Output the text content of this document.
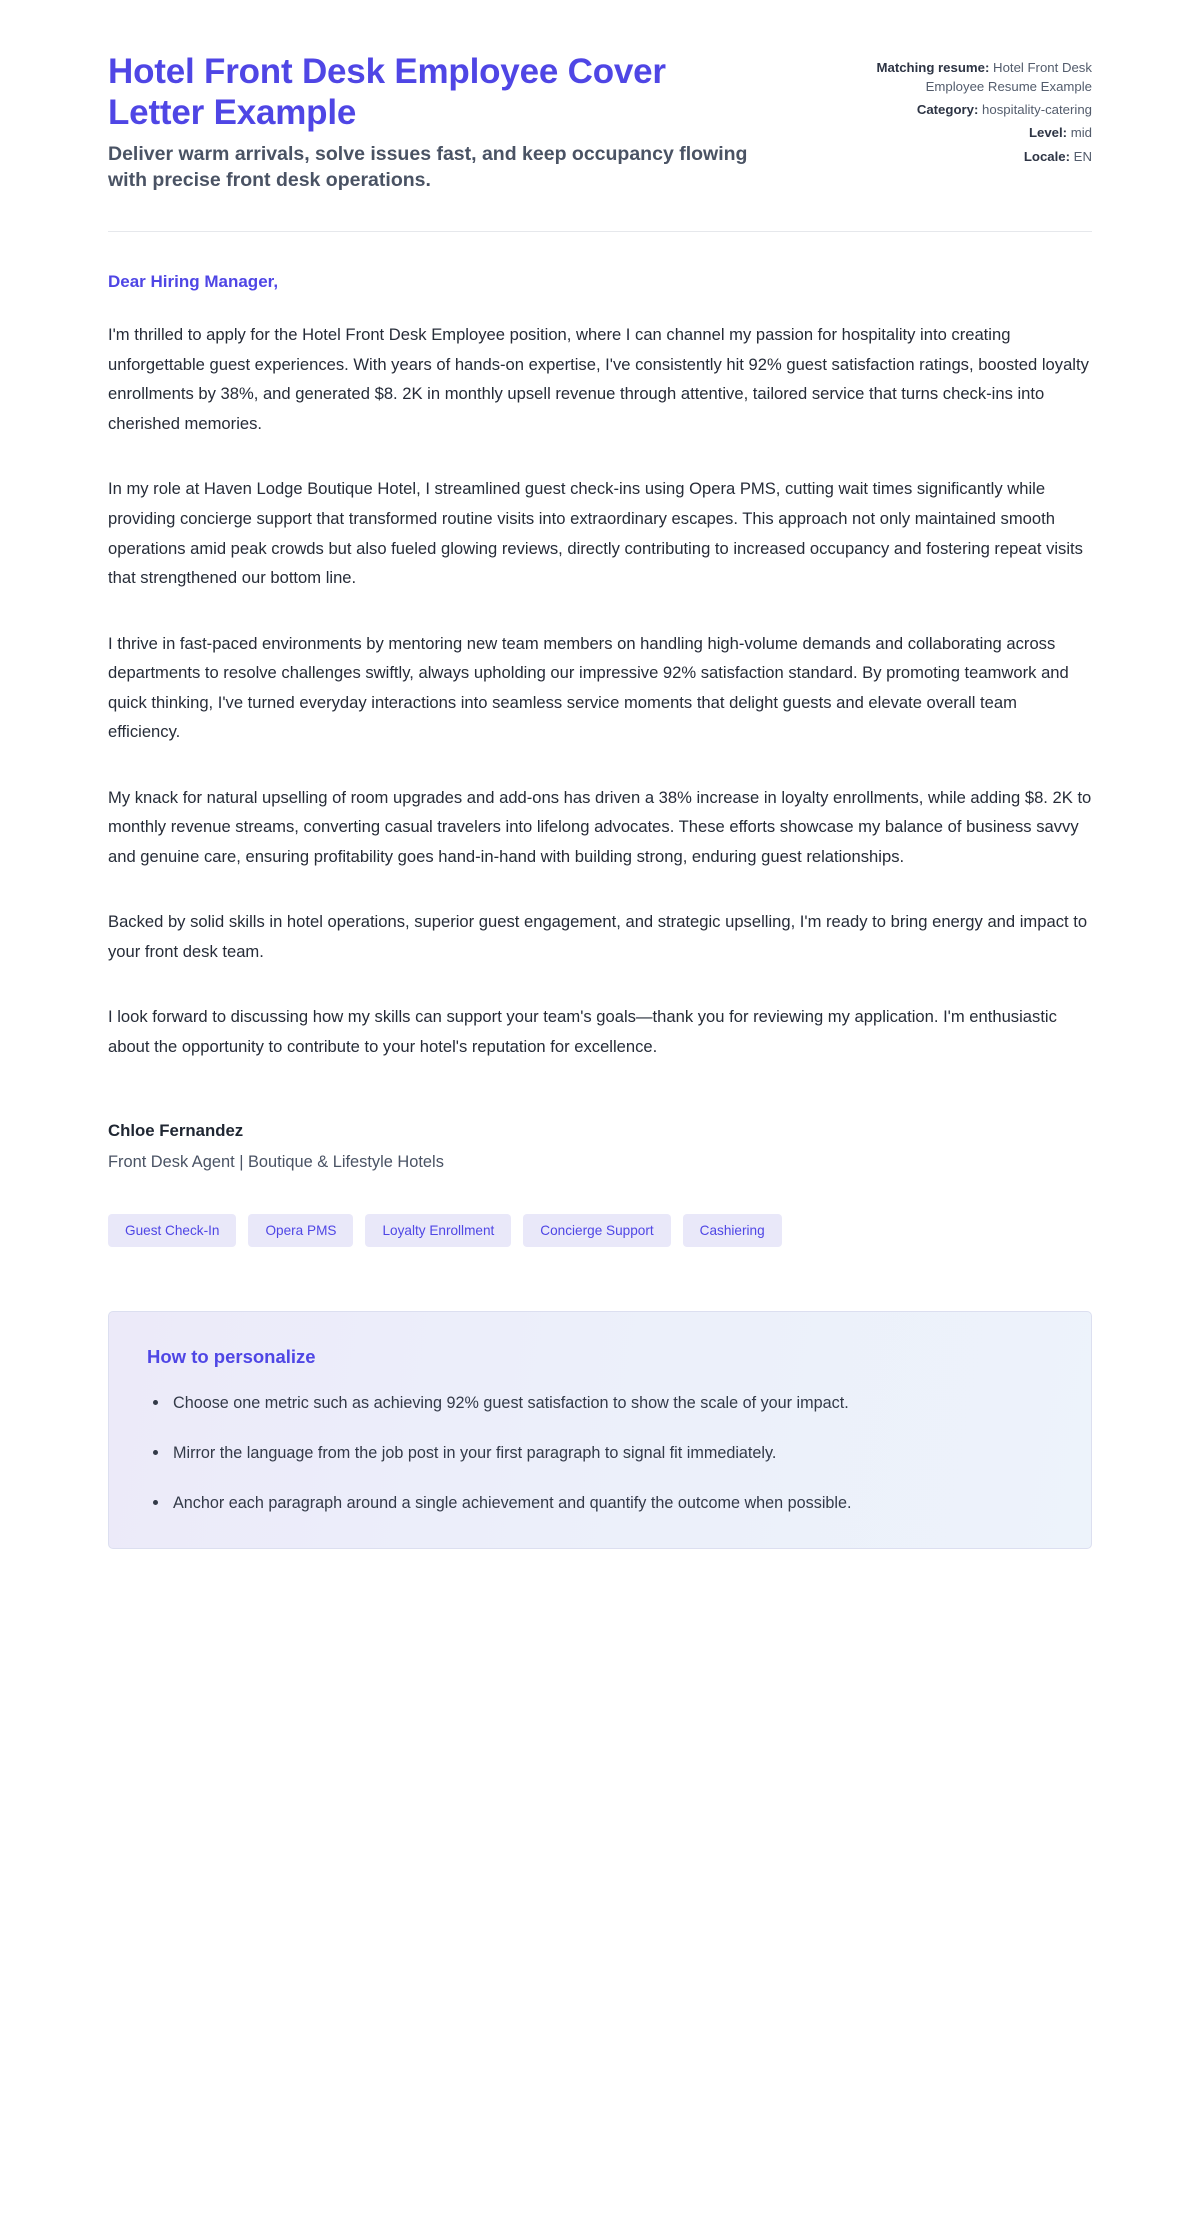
Hotel Front Desk Employee Cover Letter Example

Deliver warm arrivals, solve issues fast, and keep occupancy flowing with precise front desk operations.

Matching resume: Hotel Front Desk Employee Resume Example
Category: hospitality-catering
Level: mid
Locale: EN

Dear Hiring Manager,

I'm thrilled to apply for the Hotel Front Desk Employee position, where I can channel my passion for hospitality into creating unforgettable guest experiences. With years of hands-on expertise, I've consistently hit 92% guest satisfaction ratings, boosted loyalty enrollments by 38%, and generated $8. 2K in monthly upsell revenue through attentive, tailored service that turns check-ins into cherished memories.

In my role at Haven Lodge Boutique Hotel, I streamlined guest check-ins using Opera PMS, cutting wait times significantly while providing concierge support that transformed routine visits into extraordinary escapes. This approach not only maintained smooth operations amid peak crowds but also fueled glowing reviews, directly contributing to increased occupancy and fostering repeat visits that strengthened our bottom line.

I thrive in fast-paced environments by mentoring new team members on handling high-volume demands and collaborating across departments to resolve challenges swiftly, always upholding our impressive 92% satisfaction standard. By promoting teamwork and quick thinking, I've turned everyday interactions into seamless service moments that delight guests and elevate overall team efficiency.

My knack for natural upselling of room upgrades and add-ons has driven a 38% increase in loyalty enrollments, while adding $8. 2K to monthly revenue streams, converting casual travelers into lifelong advocates. These efforts showcase my balance of business savvy and genuine care, ensuring profitability goes hand-in-hand with building strong, enduring guest relationships.

Backed by solid skills in hotel operations, superior guest engagement, and strategic upselling, I'm ready to bring energy and impact to your front desk team.

I look forward to discussing how my skills can support your team's goals—thank you for reviewing my application. I'm enthusiastic about the opportunity to contribute to your hotel's reputation for excellence.

Chloe Fernandez

Front Desk Agent | Boutique & Lifestyle Hotels

Guest Check-In	Opera PMS	Loyalty Enrollment	Concierge Support	Cashiering
How to personalize
Choose one metric such as achieving 92% guest satisfaction to show the scale of your impact.
Mirror the language from the job post in your first paragraph to signal fit immediately.
Anchor each paragraph around a single achievement and quantify the outcome when possible.
